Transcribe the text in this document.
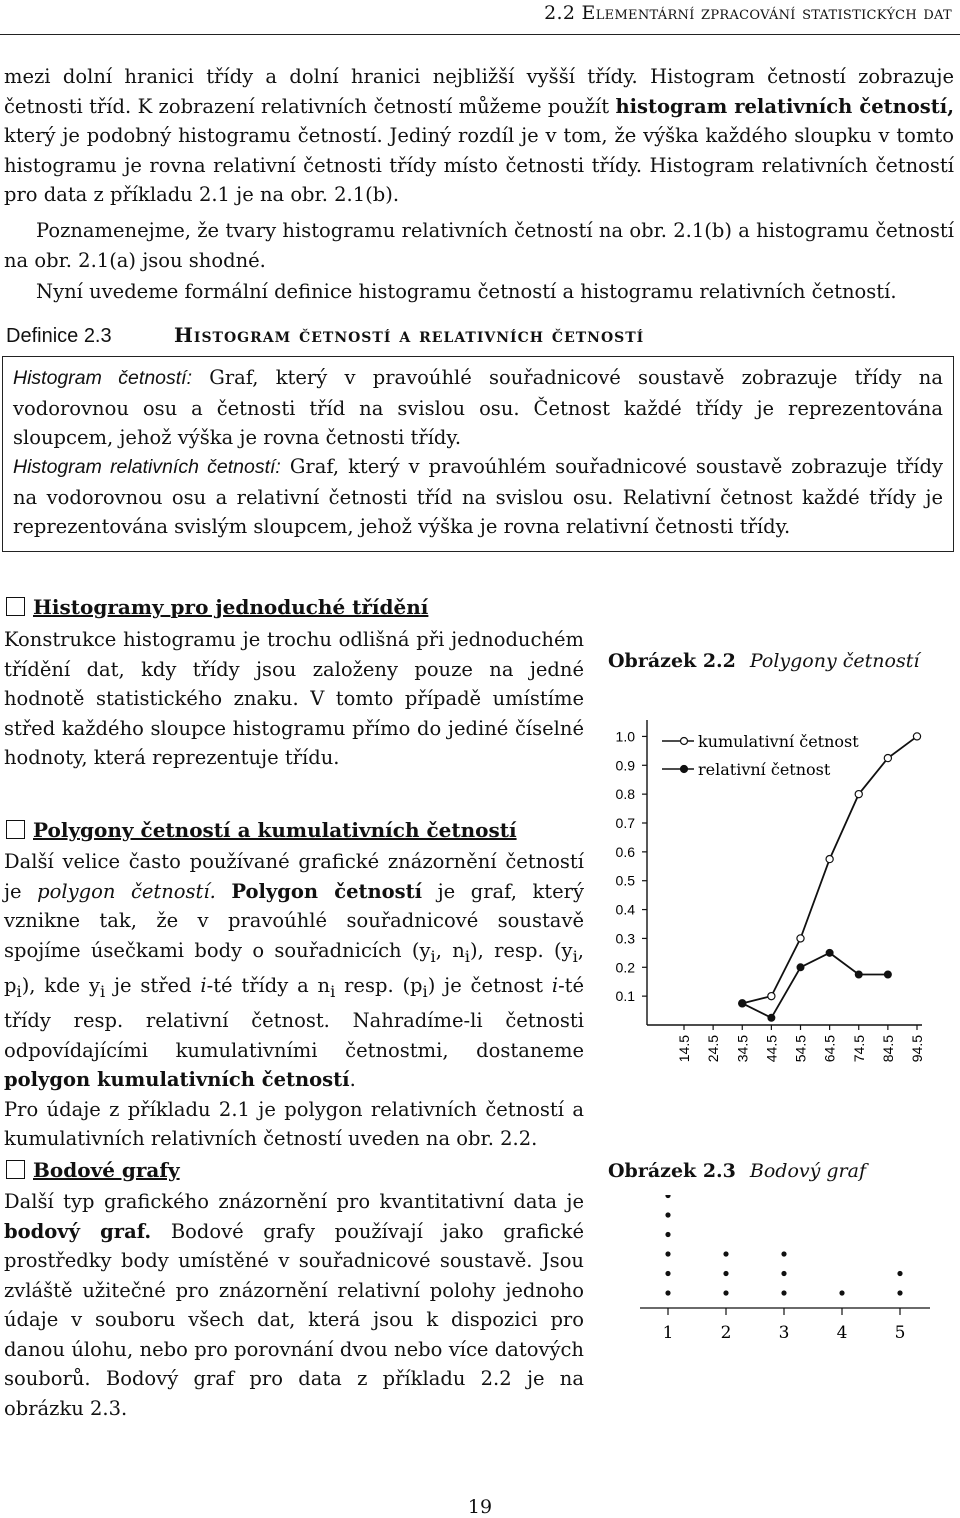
2.2 Elementární zpracování statistických dat
mezi dolní hranici třídy a dolní hranici nejbližší vyšší třídy. Histogram četností zobrazuje četnosti tříd. K zobrazení relativních četností můžeme použít histogram relativních četností, který je podobný histogramu četností. Jediný rozdíl je v tom, že výška každého sloupku v tomto histogramu je rovna relativní četnosti třídy místo četnosti třídy. Histogram relativních četností pro data z příkladu 2.1 je na obr. 2.1(b).
Poznamenejme, že tvary histogramu relativních četností na obr. 2.1(b) a histogramu četností na obr. 2.1(a) jsou shodné.
Nyní uvedeme formální definice histogramu četností a histogramu relativních četností.
Definice 2.3	Histogram četností a relativních četností
Histogram četností: Graf, který v pravoúhlé souřadnicové soustavě zobrazuje třídy na vodorovnou osu a četnosti tříd na svislou osu. Četnost každé třídy je reprezentována sloupcem, jehož výška je rovna četnosti třídy.
Histogram relativních četností: Graf, který v pravoúhlém souřadnicové soustavě zobrazuje třídy na vodorovnou osu a relativní četnosti tříd na svislou osu. Relativní četnost každé třídy je reprezentována svislým sloupcem, jehož výška je rovna relativní četnosti třídy.
Histogramy pro jednoduché třídění
Konstrukce histogramu je trochu odlišná při jednoduchém třídění dat, kdy třídy jsou založeny pouze na jedné hodnotě statistického znaku. V tomto případě umístíme střed každého sloupce histogramu přímo do jediné číselné hodnoty, která reprezentuje třídu.
Polygony četností a kumulativních četností
Další velice často používané grafické znázornění četností je polygon četností. Polygon četností je graf, který vznikne tak, že v pravoúhlé souřadnicové soustavě spojíme úsečkami body o souřadnicích ($y_i$, $n_i$), resp. ($y_i$, $p_i$), kde $y_i$ je střed i-té třídy a $n_i$ resp. $(p_i)$ je četnost i-té třídy resp. relativní četnost. Nahradíme-li četnosti odpovídajícími kumulativními četnostmi, dostaneme polygon kumulativních četností.
Pro údaje z příkladu 2.1 je polygon relativních četností a kumulativních relativních četností uveden na obr. 2.2.
Bodové grafy
Další typ grafického znázornění pro kvantitativní data je bodový graf. Bodové grafy používají jako grafické prostředky body umístěné v souřadnicové soustavě. Jsou zvláště užitečné pro znázornění relativní polohy jednoho údaje v souboru všech dat, která jsou k dispozici pro danou úlohu, nebo pro porovnání dvou nebo více datových souborů. Bodový graf pro data z příkladu 2.2 je na obrázku 2.3.
Obrázek 2.2 Polygony četností
0.1
0.2
0.3
0.4
0.5
0.6
0.7
0.8
0.9
1.0
14.5 24.5 34.5 44.5 54.5 64.5 74.5 84.5 94.5
kumulativní četnost
relativní četnost
Obrázek 2.3 Bodový graf
1	2	3	4	5
19
